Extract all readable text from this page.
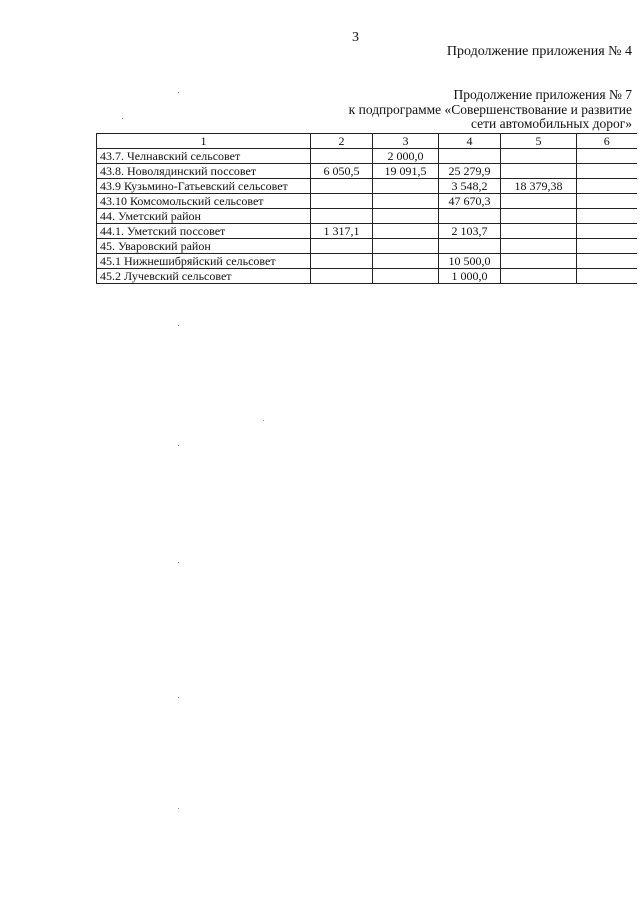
3
Продолжение приложения № 4
Продолжение приложения № 7
к подпрограмме «Совершенствование и развитие
сети автомобильных дорог»
1	2	3	4	5	6
43.7. Челнавский сельсовет		2 000,0			
43.8. Новолядинский поссовет	6 050,5	19 091,5	25 279,9		
43.9 Кузьмино-Гатьевский сельсовет			3 548,2	18 379,38	
43.10 Комсомольский сельсовет			47 670,3		
44. Уметский район					
44.1. Уметский поссовет	1 317,1		2 103,7		
45. Уваровский район					
45.1 Нижнешибряйский сельсовет			10 500,0		
45.2 Лучевский сельсовет			1 000,0		
